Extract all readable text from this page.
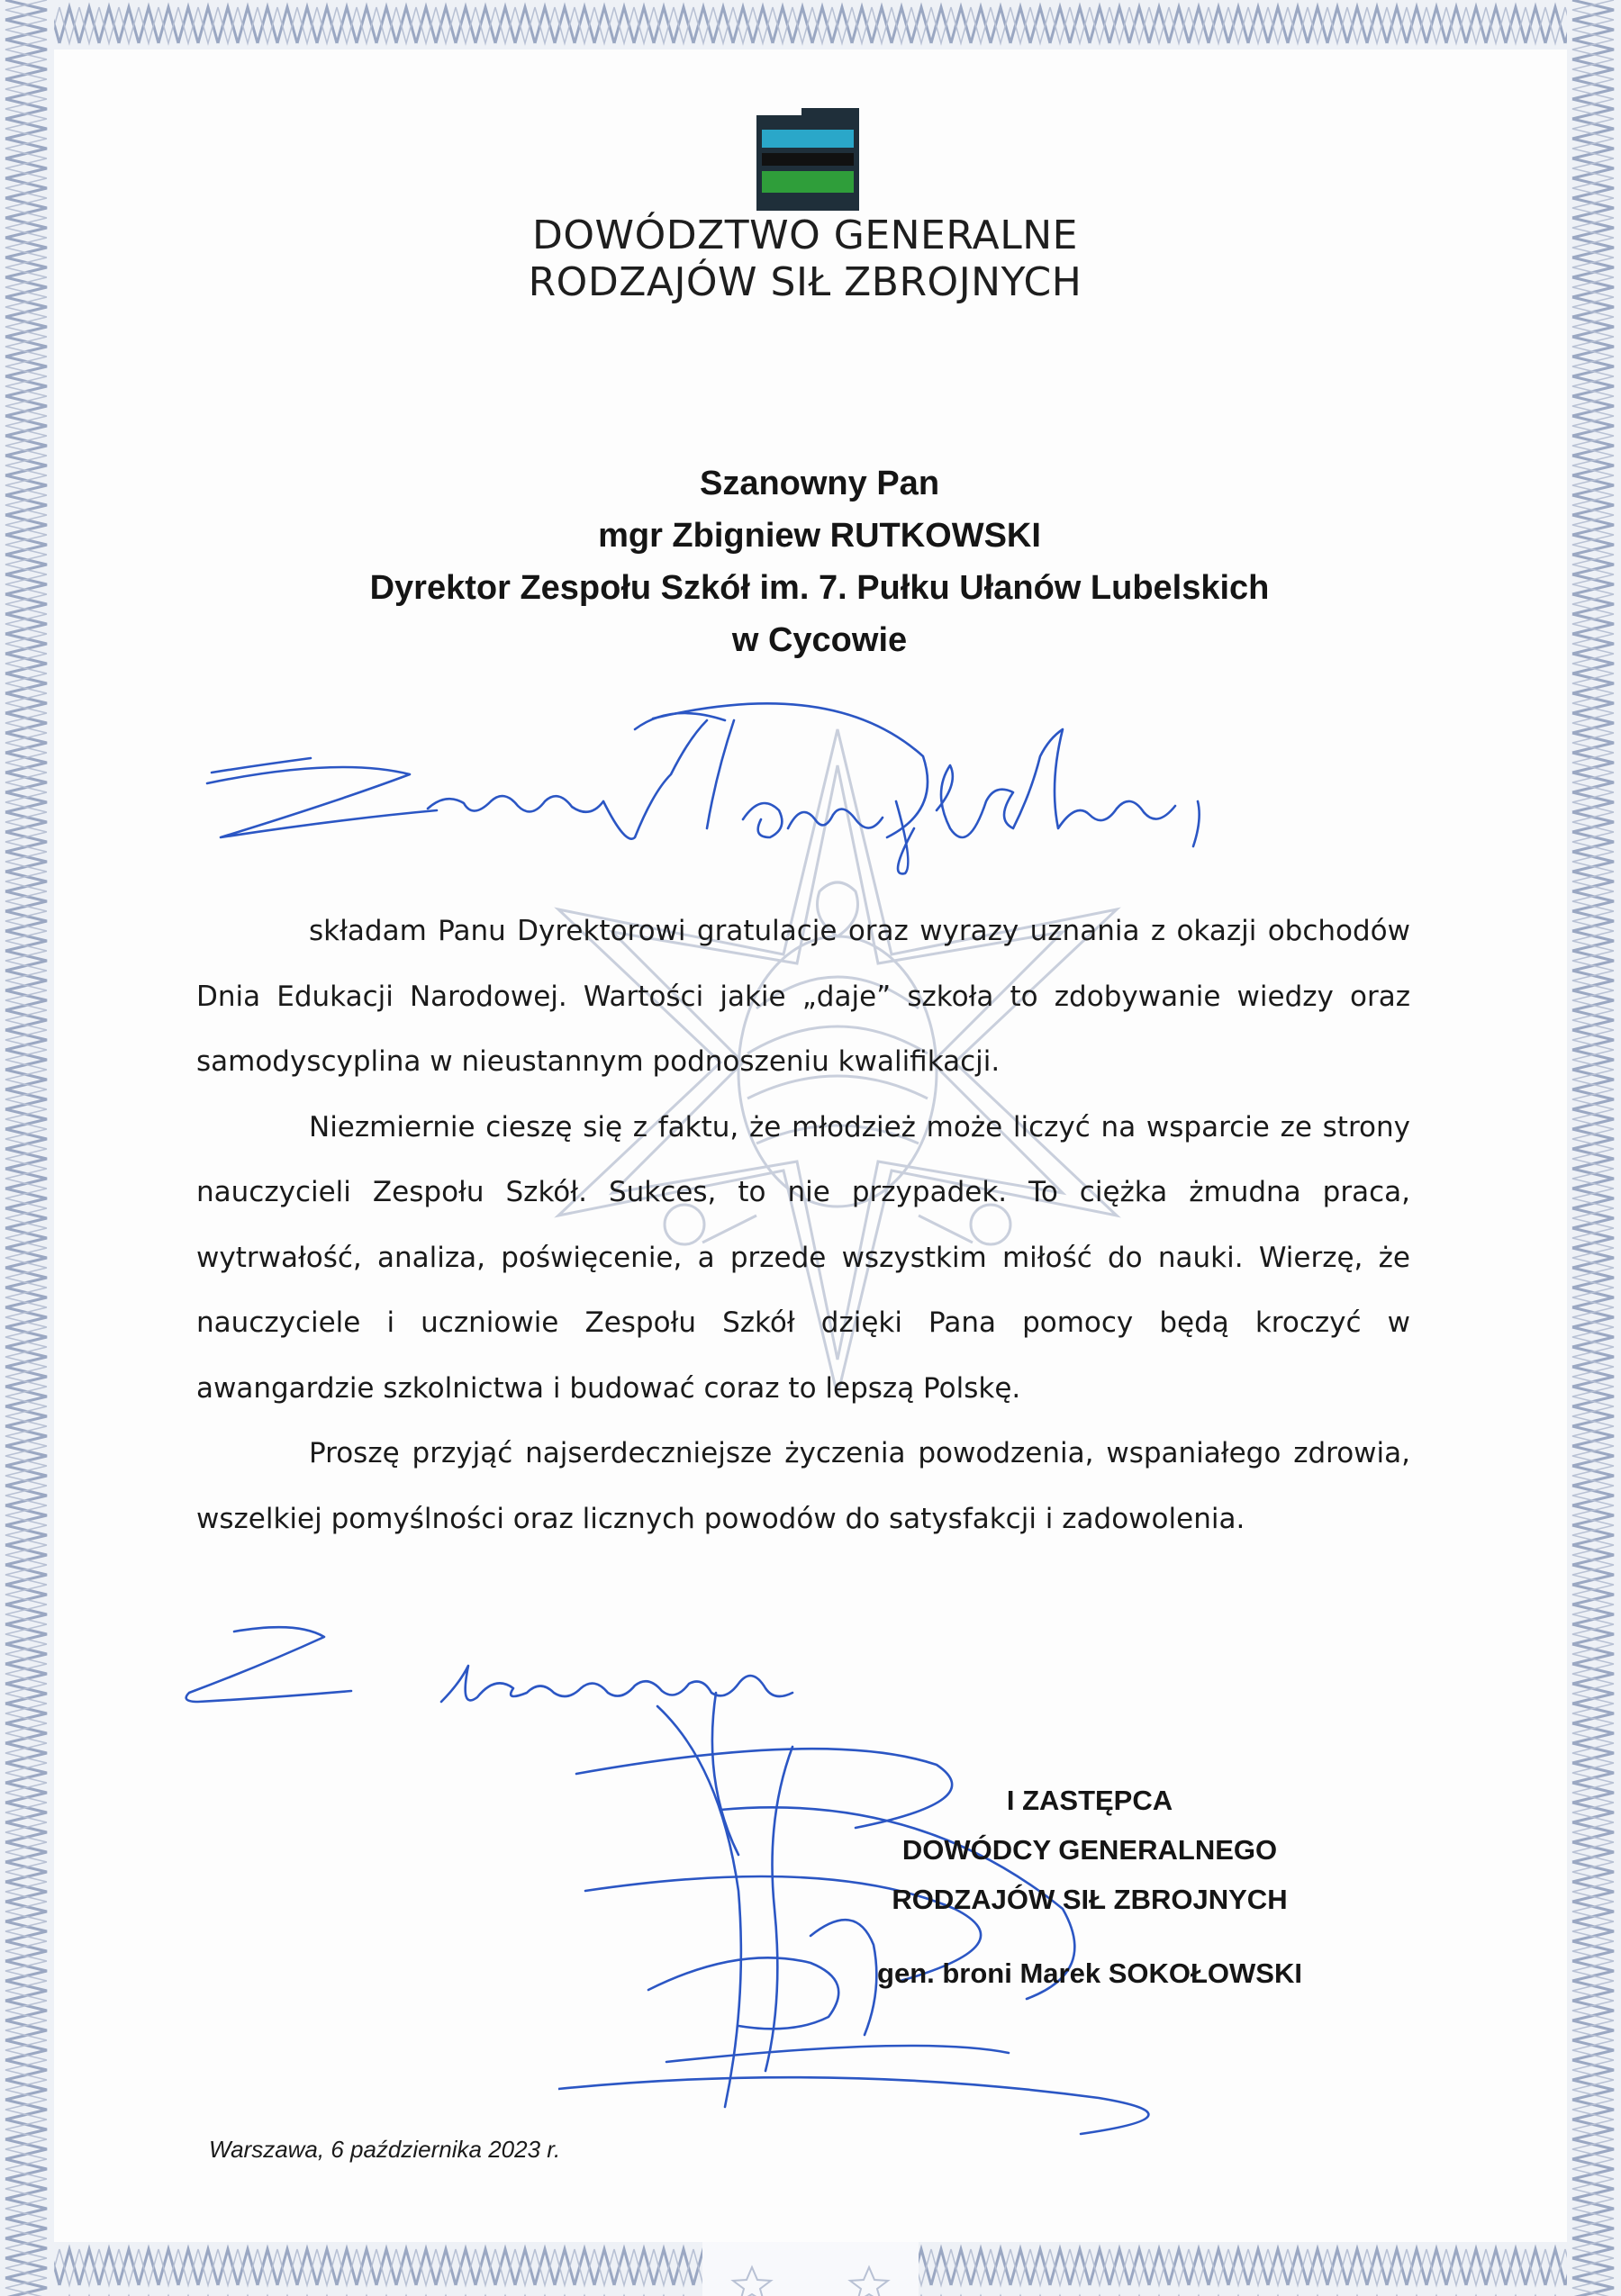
DOWÓDZTWO GENERALNE
RODZAJÓW SIŁ ZBROJNYCH
Szanowny Pan
mgr Zbigniew RUTKOWSKI
Dyrektor Zespołu Szkół im. 7. Pułku Ułanów Lubelskich
w Cycowie

składam Panu Dyrektorowi gratulacje oraz wyrazy uznania z okazji obchodów Dnia Edukacji Narodowej. Wartości jakie „daje” szkoła to zdobywanie wiedzy oraz samodyscyplina w nieustannym podnoszeniu kwalifikacji.

Niezmiernie cieszę się z faktu, że młodzież może liczyć na wsparcie ze strony nauczycieli Zespołu Szkół. Sukces, to nie przypadek. To ciężka żmudna praca, wytrwałość, analiza, poświęcenie, a przede wszystkim miłość do nauki. Wierzę, że nauczyciele i uczniowie Zespołu Szkół dzięki Pana pomocy będą kroczyć w awangardzie szkolnictwa i budować coraz to lepszą Polskę.

Proszę przyjąć najserdeczniejsze życzenia powodzenia, wspaniałego zdrowia, wszelkiej pomyślności oraz licznych powodów do satysfakcji i zadowolenia.

I ZASTĘPCA
DOWÓDCY GENERALNEGO
RODZAJÓW SIŁ ZBROJNYCH
gen. broni Marek SOKOŁOWSKI
Warszawa, 6 października 2023 r.
